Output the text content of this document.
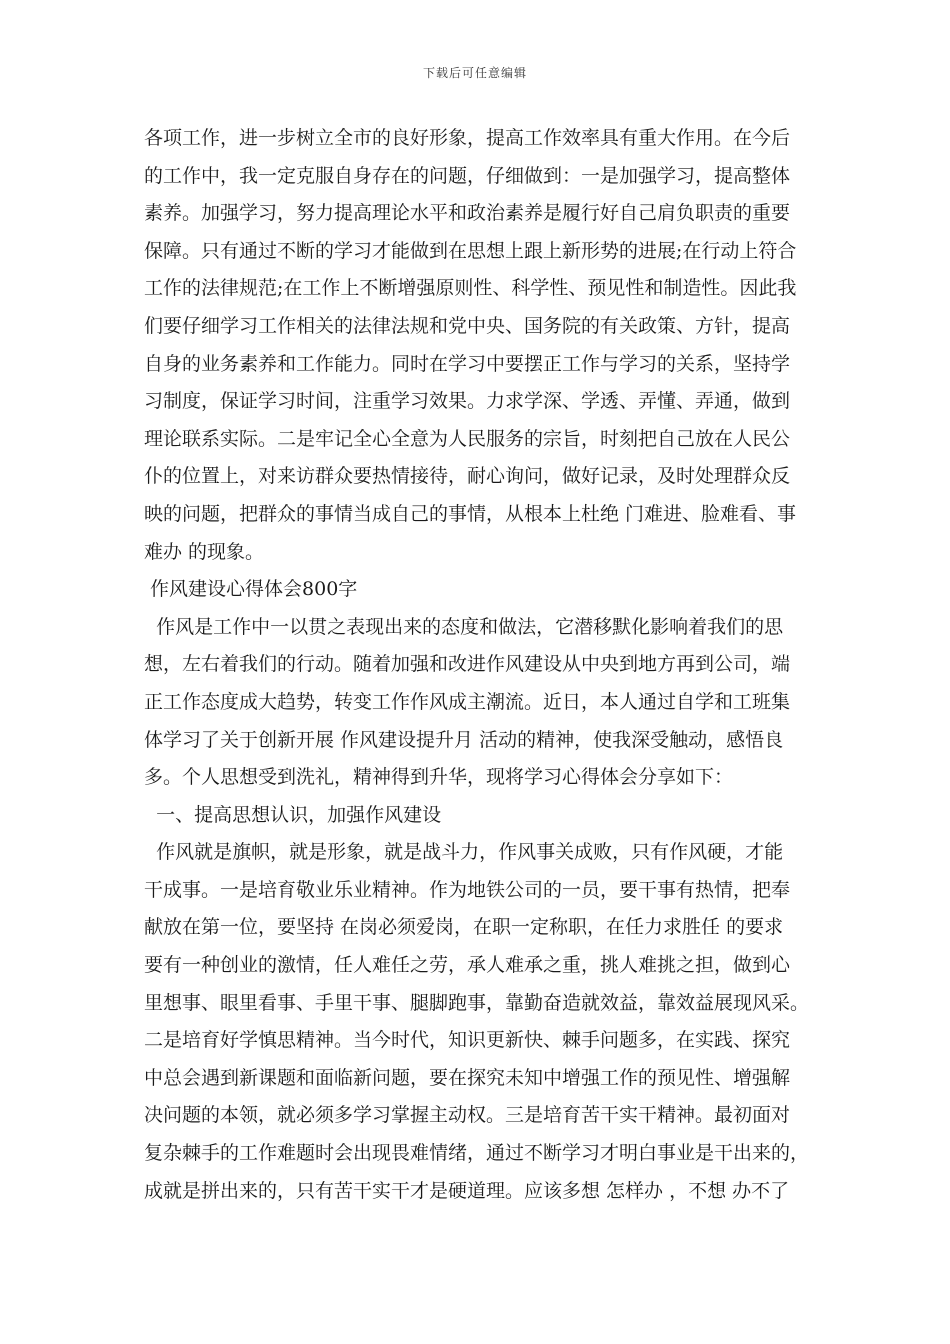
下载后可任意编辑
各项工作，进一步树立全市的良好形象，提高工作效率具有重大作用。在今后
的工作中，我一定克服自身存在的问题，仔细做到：一是加强学习，提高整体
素养。加强学习，努力提高理论水平和政治素养是履行好自己肩负职责的重要
保障。只有通过不断的学习才能做到在思想上跟上新形势的进展;在行动上符合
工作的法律规范;在工作上不断增强原则性、科学性、预见性和制造性。因此我
们要仔细学习工作相关的法律法规和党中央、国务院的有关政策、方针，提高
自身的业务素养和工作能力。同时在学习中要摆正工作与学习的关系，坚持学
习制度，保证学习时间，注重学习效果。力求学深、学透、弄懂、弄通，做到
理论联系实际。二是牢记全心全意为人民服务的宗旨，时刻把自己放在人民公
仆的位置上，对来访群众要热情接待，耐心询问，做好记录，及时处理群众反
映的问题，把群众的事情当成自己的事情，从根本上杜绝 门难进、脸难看、事
难办 的现象。
作风建设心得体会800字
作风是工作中一以贯之表现出来的态度和做法，它潜移默化影响着我们的思
想，左右着我们的行动。随着加强和改进作风建设从中央到地方再到公司，端
正工作态度成大趋势，转变工作作风成主潮流。近日，本人通过自学和工班集
体学习了关于创新开展 作风建设提升月 活动的精神，使我深受触动，感悟良
多。个人思想受到洗礼，精神得到升华，现将学习心得体会分享如下：
一、提高思想认识，加强作风建设
作风就是旗帜，就是形象，就是战斗力，作风事关成败，只有作风硬，才能
干成事。一是培育敬业乐业精神。作为地铁公司的一员，要干事有热情，把奉
献放在第一位，要坚持 在岗必须爱岗，在职一定称职，在任力求胜任 的要求
要有一种创业的激情，任人难任之劳，承人难承之重，挑人难挑之担，做到心
里想事、眼里看事、手里干事、腿脚跑事，靠勤奋造就效益，靠效益展现风采。
二是培育好学慎思精神。当今时代，知识更新快、棘手问题多，在实践、探究
中总会遇到新课题和面临新问题，要在探究未知中增强工作的预见性、增强解
决问题的本领，就必须多学习掌握主动权。三是培育苦干实干精神。最初面对
复杂棘手的工作难题时会出现畏难情绪，通过不断学习才明白事业是干出来的，
成就是拼出来的，只有苦干实干才是硬道理。应该多想 怎样办 ，不想 办不了
